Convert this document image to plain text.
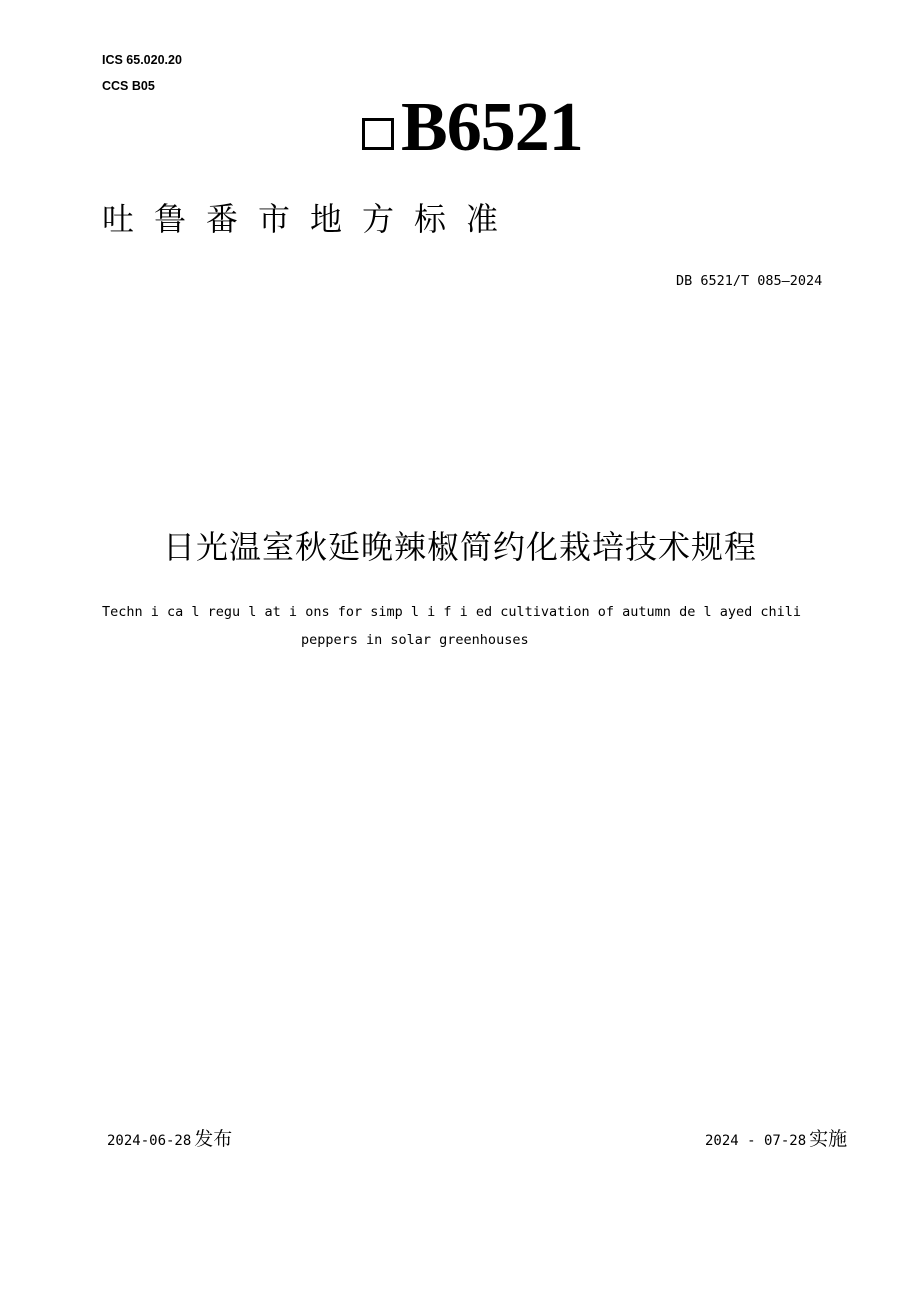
ICS 65.020.20
CCS B05
B6521
吐鲁番市地方标准
DB 6521/T 085—2024
日光温室秋延晚辣椒简约化栽培技术规程
Techn i ca l regu l at i ons for simp l i f i ed cultivation of autumn de l ayed chili
peppers in solar greenhouses
2024-06-28 发布	2024 - 07-28 实施
